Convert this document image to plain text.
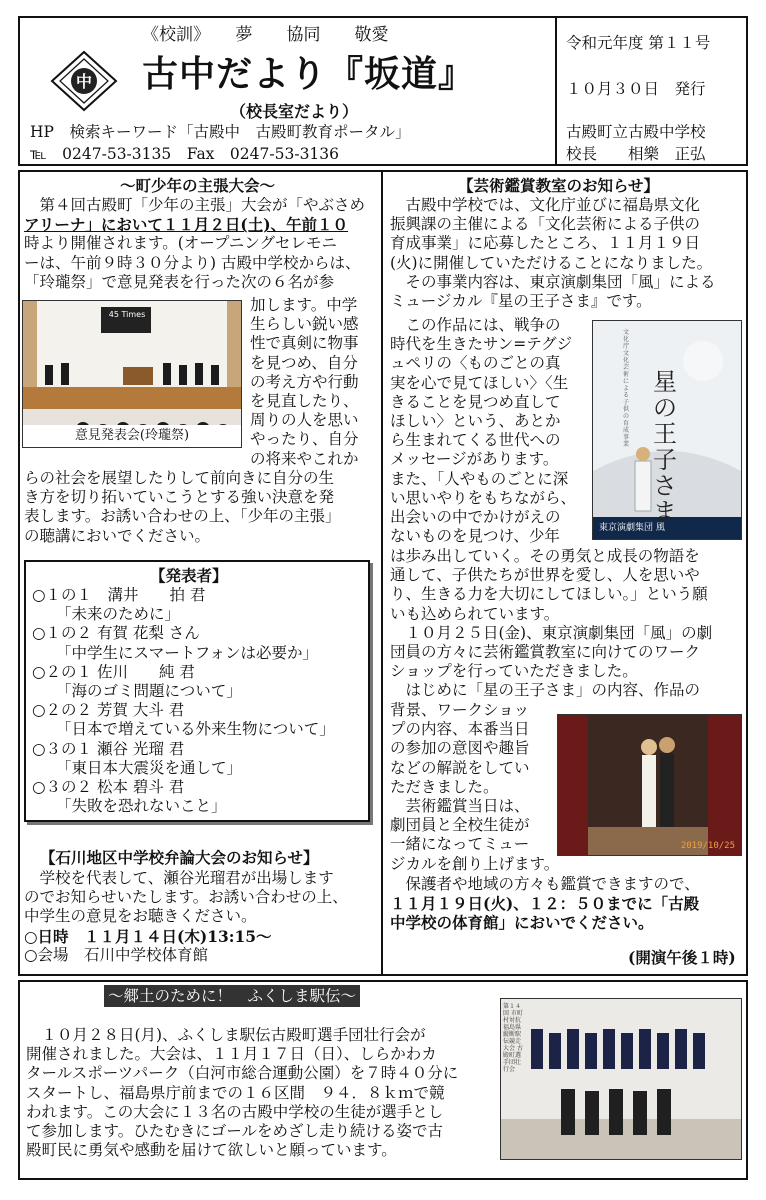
中
《校訓》　　夢　　協同　　敬愛
古中だより『坂道』
（校長室だより）
HP　検索キーワード「古殿中　古殿町教育ポータル」
℡　0247-53-3135　Fax　0247-53-3136
令和元年度 第１１号
１０月３０日　発行
古殿町立古殿中学校
校長　　相樂　正弘
～町少年の主張大会～
　第４回古殿町「少年の主張」大会が「やぶさめ
アリーナ」において１１月２日(土)、午前１０
時より開催されます。(オープニングセレモニ
ーは、午前９時３０分より) 古殿中学校からは、
「玲瓏祭」で意見発表を行った次の６名が参
45 Times
意見発表会(玲瓏祭)
加します。中学
生らしい鋭い感
性で真剣に物事
を見つめ、自分
の考え方や行動
を見直したり、
周りの人を思い
やったり、自分
の将来やこれか
らの社会を展望したりして前向きに自分の生
き方を切り拓いていこうとする強い決意を発
表します。お誘い合わせの上、「少年の主張」
の聴講においでください。
【発表者】
○１の１　溝井　　拍 君
「未来のために」
○１の２ 有賀 花梨 さん
「中学生にスマートフォンは必要か」
○２の１ 佐川　　純 君
「海のゴミ問題について」
○２の２ 芳賀 大斗 君
「日本で増えている外来生物について」
○３の１ 瀬谷 光瑠 君
「東日本大震災を通して」
○３の２ 松本 碧斗 君
「失敗を恐れないこと」
【石川地区中学校弁論大会のお知らせ】
　学校を代表して、瀬谷光瑠君が出場します
のでお知らせいたします。お誘い合わせの上、
中学生の意見をお聴きください。
○日時　１１月１４日(木)13:15～
○会場　石川中学校体育館
【芸術鑑賞教室のお知らせ】
　古殿中学校では、文化庁並びに福島県文化
振興課の主催による「文化芸術による子供の
育成事業」に応募したところ、１１月１９日
(火)に開催していただけることになりました。
　その事業内容は、東京演劇集団「風」による
ミュージカル『星の王子さま』です。
文化庁 文化芸術による子供の育成事業
星の王子さま
東京演劇集団 風
　この作品には、戦争の
時代を生きたサン=テグジ
ュペリの〈ものごとの真
実を心で見てほしい〉〈生
きることを見つめ直して
ほしい〉という、あとか
ら生まれてくる世代への
メッセージがあります。
また、「人やものごとに深
い思いやりをもちながら、
出会いの中でかけがえの
ないものを見つけ、少年
は歩み出していく。その勇気と成長の物語を
通して、子供たちが世界を愛し、人を思いや
り、生きる力を大切にしてほしい。」という願
いも込められています。
　１０月２５日(金)、東京演劇集団「風」の劇
団員の方々に芸術鑑賞教室に向けてのワーク
ショップを行っていただきました。
　はじめに「星の王子さま」の内容、作品の
2019/10/25
背景、ワークショッ
プの内容、本番当日
の参加の意図や趣旨
などの解説をしてい
ただきました。
　芸術鑑賞当日は、
劇団員と全校生徒が
一緒になってミュー
ジカルを創り上げます。
　保護者や地域の方々も鑑賞できますので、
１１月１９日(火)、１２：５０までに「古殿
中学校の体育館」においでください。
(開演午後１時)
～郷土のために！　ふくしま駅伝～
　１０月２８日(月)、ふくしま駅伝古殿町選手団壮行会が
開催されました。大会は、１１月１７日（日）、しらかわカ
タールスポーツパーク（白河市総合運動公園）を７時４０分に
スタートし、福島県庁前までの１６区間　９４．８ｋｍで競
われます。この大会に１３名の古殿中学校の生徒が選手とし
て参加します。ひたむきにゴールをめざし走り続ける姿で古
殿町民に勇気や感動を届けて欲しいと願っています。
第１４回 市町村対抗福島県縦断駅伝競走大会 古殿町選手団壮行会
